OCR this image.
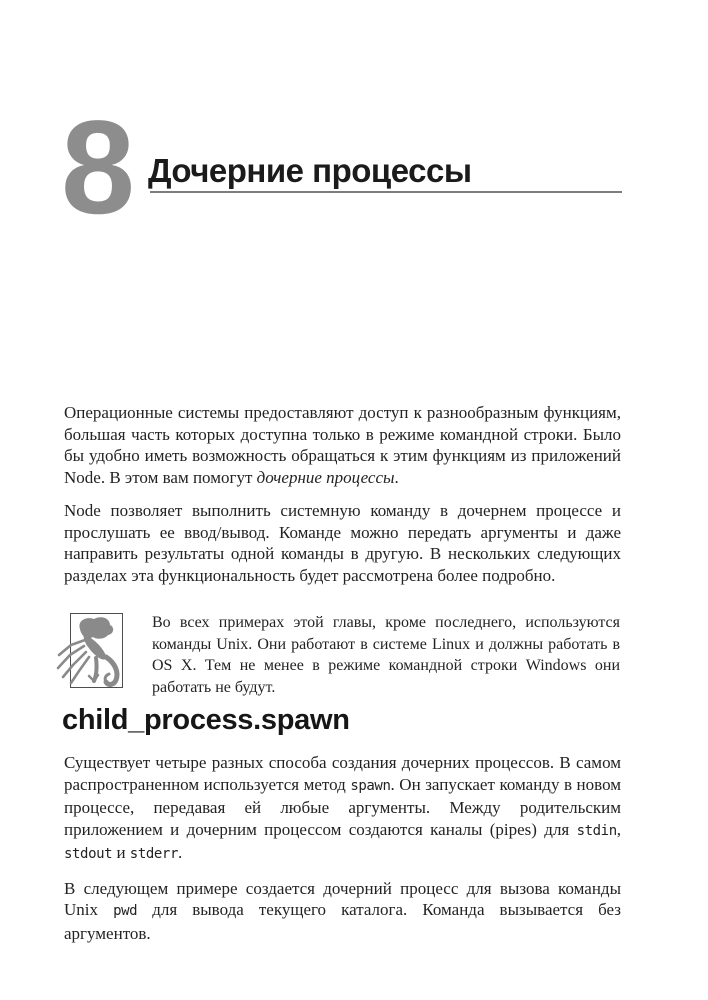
8 Дочерние процессы

Операционные системы предоставляют доступ к разнообразным функциям, большая часть которых доступна только в режиме командной строки. Было бы удобно иметь возможность обращаться к этим функциям из приложений Node. В этом вам помогут дочерние процессы.

Node позволяет выполнить системную команду в дочернем процессе и прослушать ее ввод/вывод. Команде можно передать аргументы и даже направить результаты одной команды в другую. В нескольких следующих разделах эта функциональность будет рассмотрена более подробно.

Во всех примерах этой главы, кроме последнего, используются команды Unix. Они работают в системе Linux и должны работать в OS X. Тем не менее в режиме командной строки Windows они работать не будут.

child_process.spawn

Существует четыре разных способа создания дочерних процессов. В самом распространенном используется метод spawn. Он запускает команду в новом процессе, передавая ей любые аргументы. Между родительским приложением и дочерним процессом создаются каналы (pipes) для stdin, stdout и stderr.

В следующем примере создается дочерний процесс для вызова команды Unix pwd для вывода текущего каталога. Команда вызывается без аргументов.
